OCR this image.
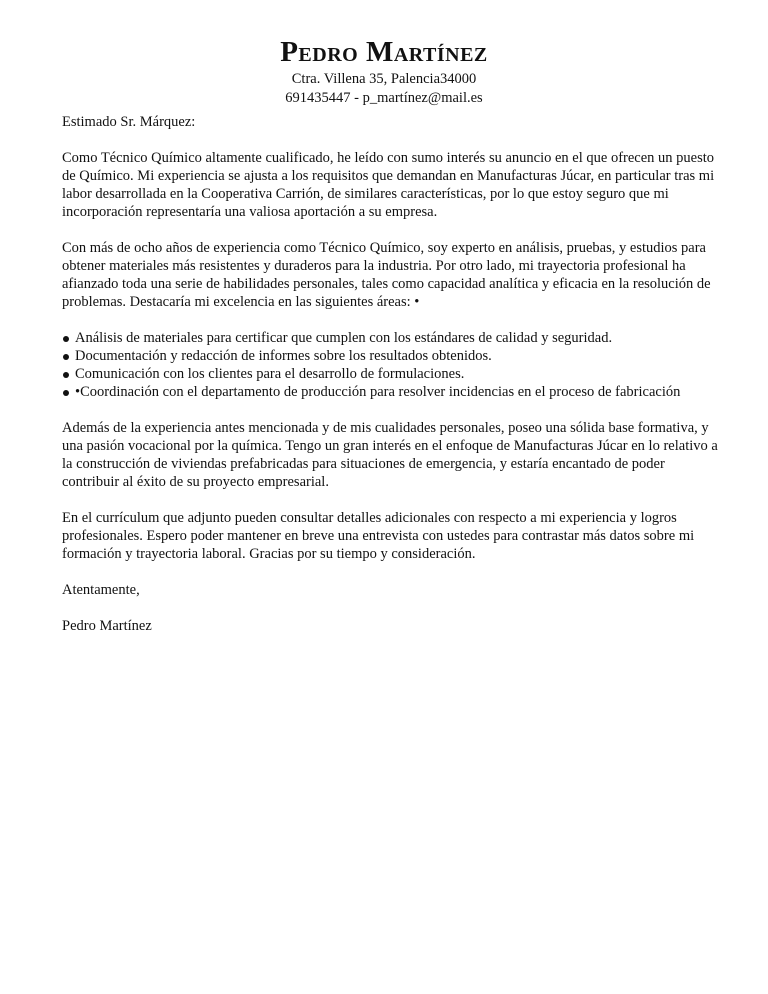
Pedro Martínez

Ctra. Villena 35, Palencia34000

691435447 - p_martínez@mail.es

Estimado Sr. Márquez:

Como Técnico Químico altamente cualificado, he leído con sumo interés su anuncio en el que ofrecen un puesto de Químico. Mi experiencia se ajusta a los requisitos que demandan en Manufacturas Júcar, en particular tras mi labor desarrollada en la Cooperativa Carrión, de similares características, por lo que estoy seguro que mi incorporación representaría una valiosa aportación a su empresa.

Con más de ocho años de experiencia como Técnico Químico, soy experto en análisis, pruebas, y estudios para obtener materiales más resistentes y duraderos para la industria. Por otro lado, mi trayectoria profesional ha afianzado toda una serie de habilidades personales, tales como capacidad analítica y eficacia en la resolución de problemas. Destacaría mi excelencia en las siguientes áreas: •

Análisis de materiales para certificar que cumplen con los estándares de calidad y seguridad.
Documentación y redacción de informes sobre los resultados obtenidos.
Comunicación con los clientes para el desarrollo de formulaciones.
•Coordinación con el departamento de producción para resolver incidencias en el proceso de fabricación

Además de la experiencia antes mencionada y de mis cualidades personales, poseo una sólida base formativa, y una pasión vocacional por la química. Tengo un gran interés en el enfoque de Manufacturas Júcar en lo relativo a la construcción de viviendas prefabricadas para situaciones de emergencia, y estaría encantado de poder contribuir al éxito de su proyecto empresarial.

En el currículum que adjunto pueden consultar detalles adicionales con respecto a mi experiencia y logros profesionales. Espero poder mantener en breve una entrevista con ustedes para contrastar más datos sobre mi formación y trayectoria laboral. Gracias por su tiempo y consideración.

Atentamente,

Pedro Martínez
